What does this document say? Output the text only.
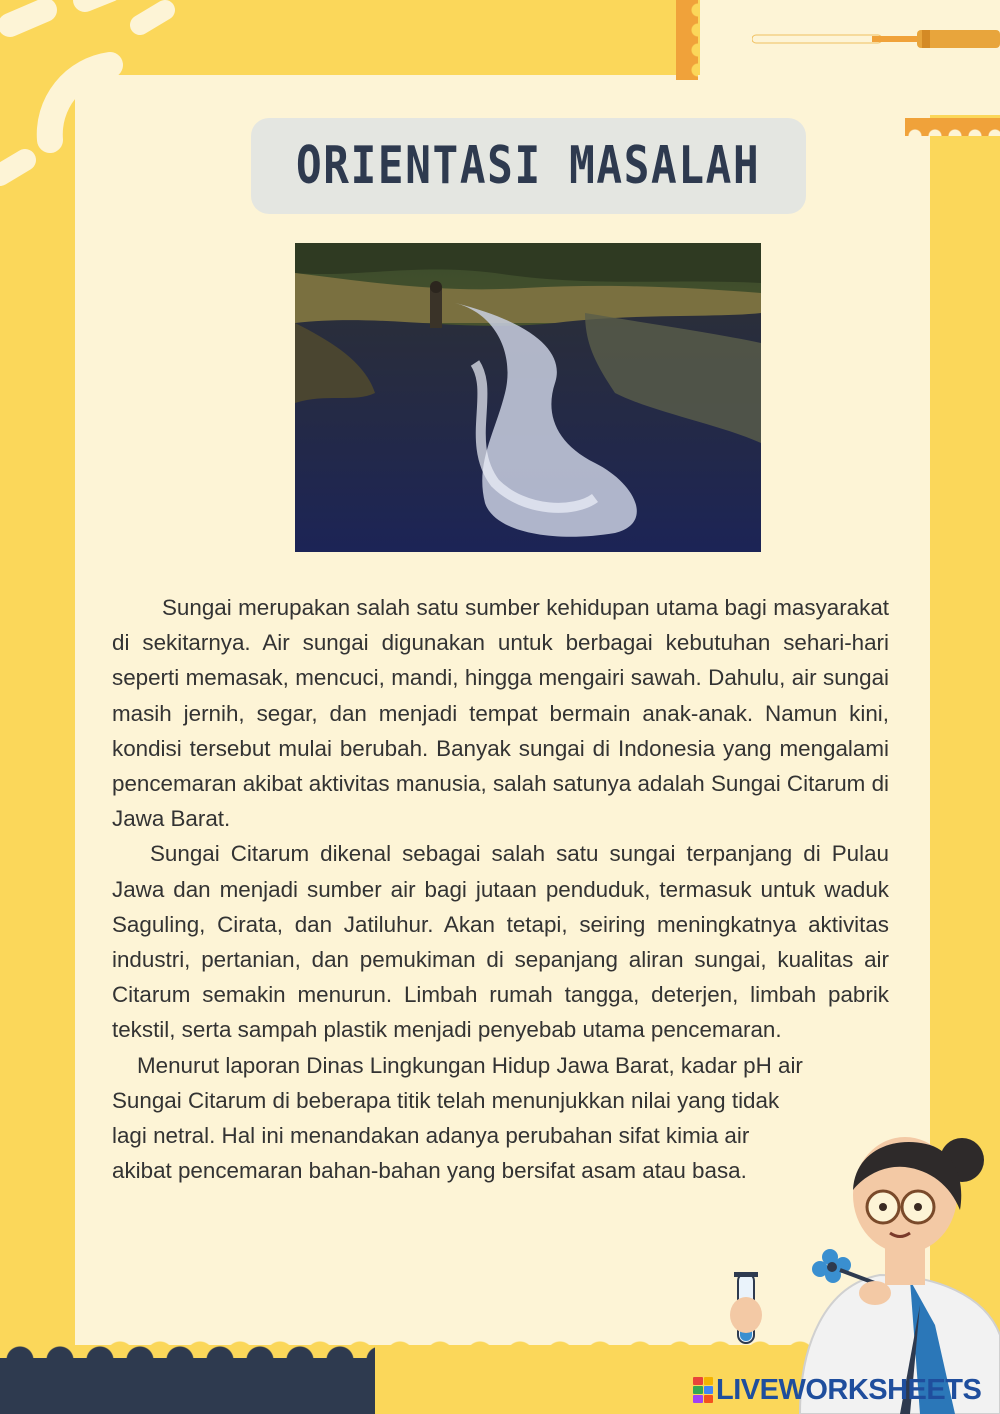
ORIENTASI MASALAH

Sungai merupakan salah satu sumber kehidupan utama bagi masyarakat di sekitarnya. Air sungai digunakan untuk berbagai kebutuhan sehari-hari seperti memasak, mencuci, mandi, hingga mengairi sawah. Dahulu, air sungai masih jernih, segar, dan menjadi tempat bermain anak-anak. Namun kini, kondisi tersebut mulai berubah. Banyak sungai di Indonesia yang mengalami pencemaran akibat aktivitas manusia, salah satunya adalah Sungai Citarum di Jawa Barat.

Sungai Citarum dikenal sebagai salah satu sungai terpanjang di Pulau Jawa dan menjadi sumber air bagi jutaan penduduk, termasuk untuk waduk Saguling, Cirata, dan Jatiluhur. Akan tetapi, seiring meningkatnya aktivitas industri, pertanian, dan pemukiman di sepanjang aliran sungai, kualitas air Citarum semakin menurun. Limbah rumah tangga, deterjen, limbah pabrik tekstil, serta sampah plastik menjadi penyebab utama pencemaran.

Menurut laporan Dinas Lingkungan Hidup Jawa Barat, kadar pH air Sungai Citarum di beberapa titik telah menunjukkan nilai yang tidak lagi netral. Hal ini menandakan adanya perubahan sifat kimia air akibat pencemaran bahan-bahan yang bersifat asam atau basa.

LIVEWORKSHEETS
